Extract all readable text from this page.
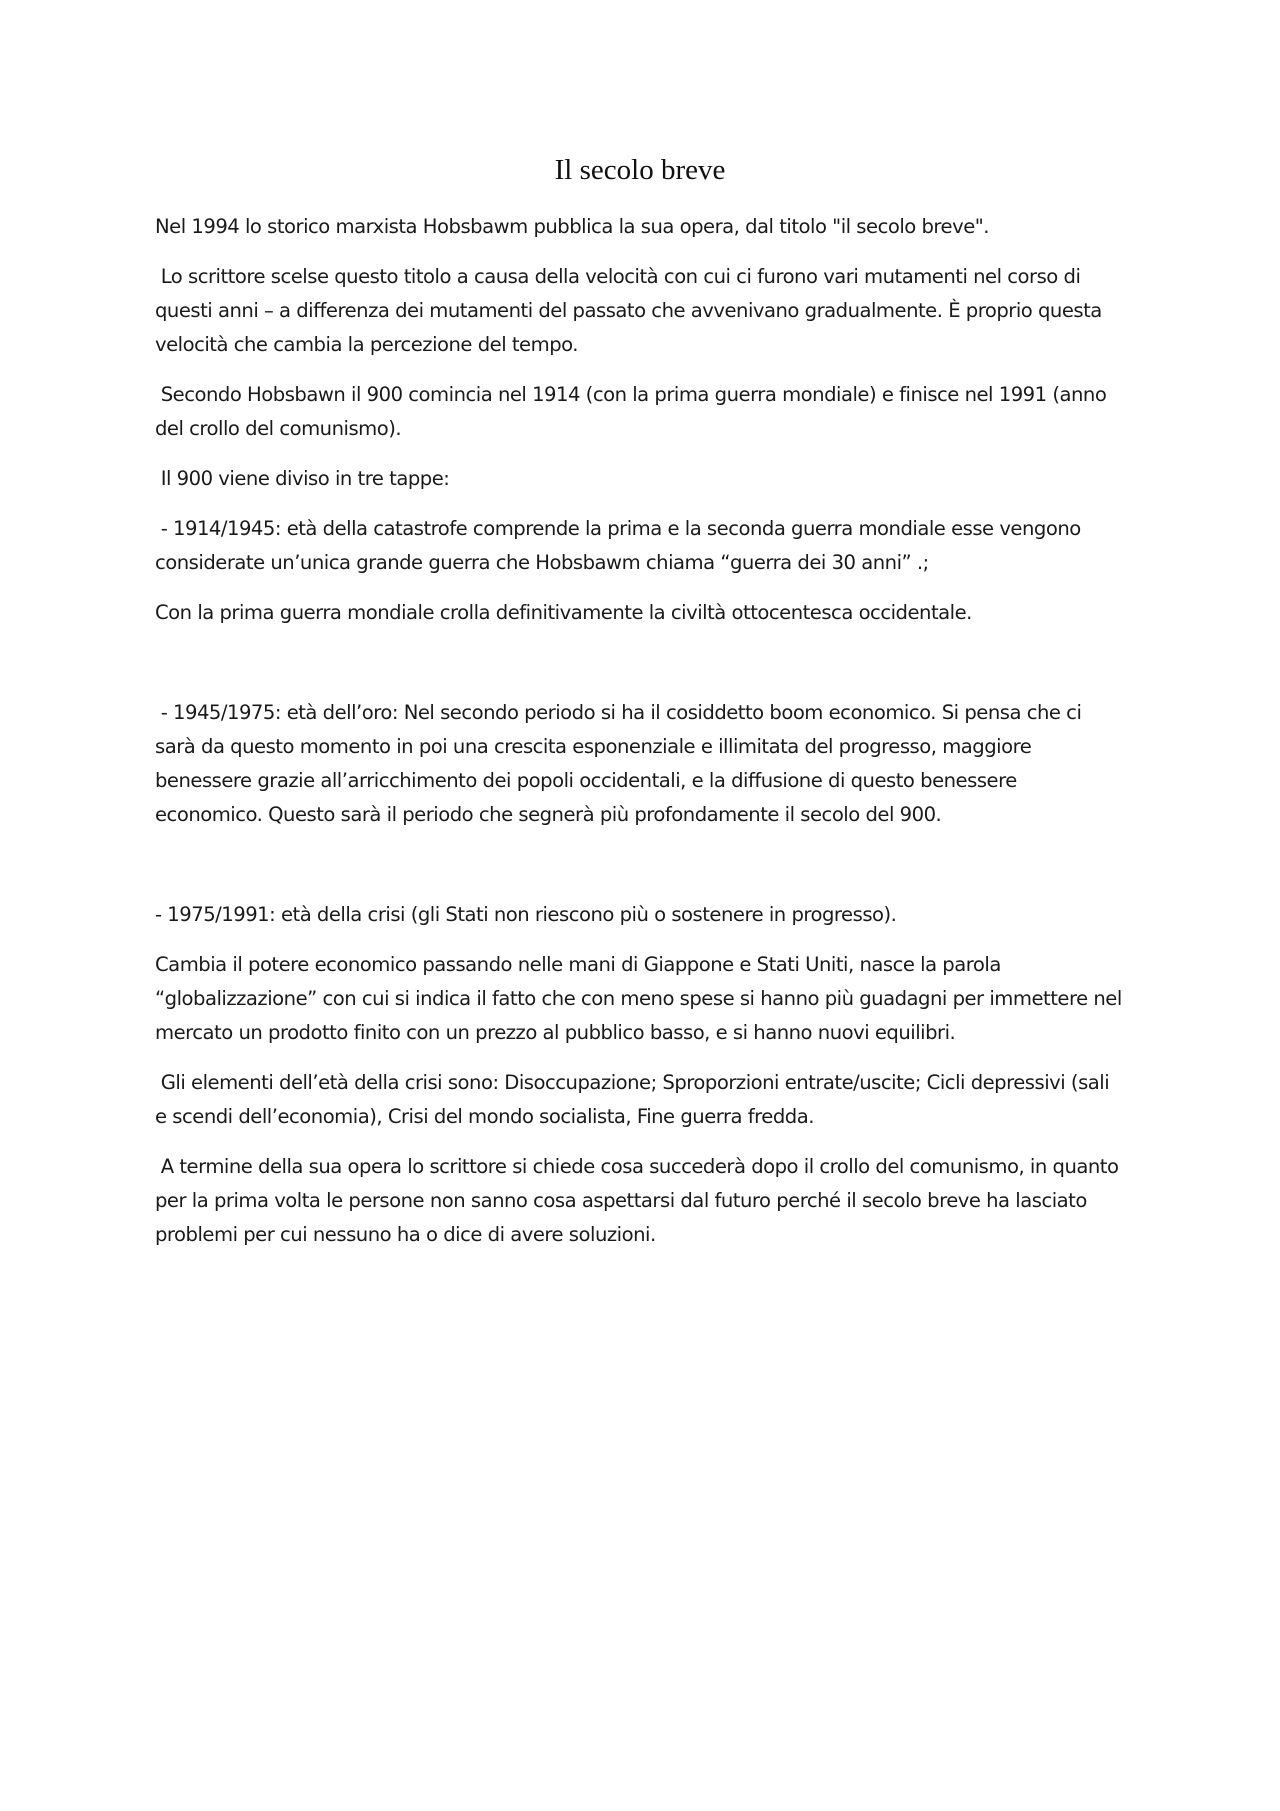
Il secolo breve

Nel 1994 lo storico marxista Hobsbawm pubblica la sua opera, dal titolo "il secolo breve".

Lo scrittore scelse questo titolo a causa della velocità con cui ci furono vari mutamenti nel corso di questi anni – a differenza dei mutamenti del passato che avvenivano gradualmente. È proprio questa velocità che cambia la percezione del tempo.

Secondo Hobsbawn il 900 comincia nel 1914 (con la prima guerra mondiale) e finisce nel 1991 (anno del crollo del comunismo).

Il 900 viene diviso in tre tappe:

- 1914/1945: età della catastrofe comprende la prima e la seconda guerra mondiale esse vengono considerate un’unica grande guerra che Hobsbawm chiama “guerra dei 30 anni” .;

Con la prima guerra mondiale crolla definitivamente la civiltà ottocentesca occidentale.

- 1945/1975: età dell’oro: Nel secondo periodo si ha il cosiddetto boom economico. Si pensa che ci sarà da questo momento in poi una crescita esponenziale e illimitata del progresso, maggiore benessere grazie all’arricchimento dei popoli occidentali, e la diffusione di questo benessere economico. Questo sarà il periodo che segnerà più profondamente il secolo del 900.

- 1975/1991: età della crisi (gli Stati non riescono più o sostenere in progresso).

Cambia il potere economico passando nelle mani di Giappone e Stati Uniti, nasce la parola “globalizzazione” con cui si indica il fatto che con meno spese si hanno più guadagni per immettere nel mercato un prodotto finito con un prezzo al pubblico basso, e si hanno nuovi equilibri.

Gli elementi dell’età della crisi sono: Disoccupazione; Sproporzioni entrate/uscite; Cicli depressivi (sali e scendi dell’economia), Crisi del mondo socialista, Fine guerra fredda.

A termine della sua opera lo scrittore si chiede cosa succederà dopo il crollo del comunismo, in quanto per la prima volta le persone non sanno cosa aspettarsi dal futuro perché il secolo breve ha lasciato problemi per cui nessuno ha o dice di avere soluzioni.
